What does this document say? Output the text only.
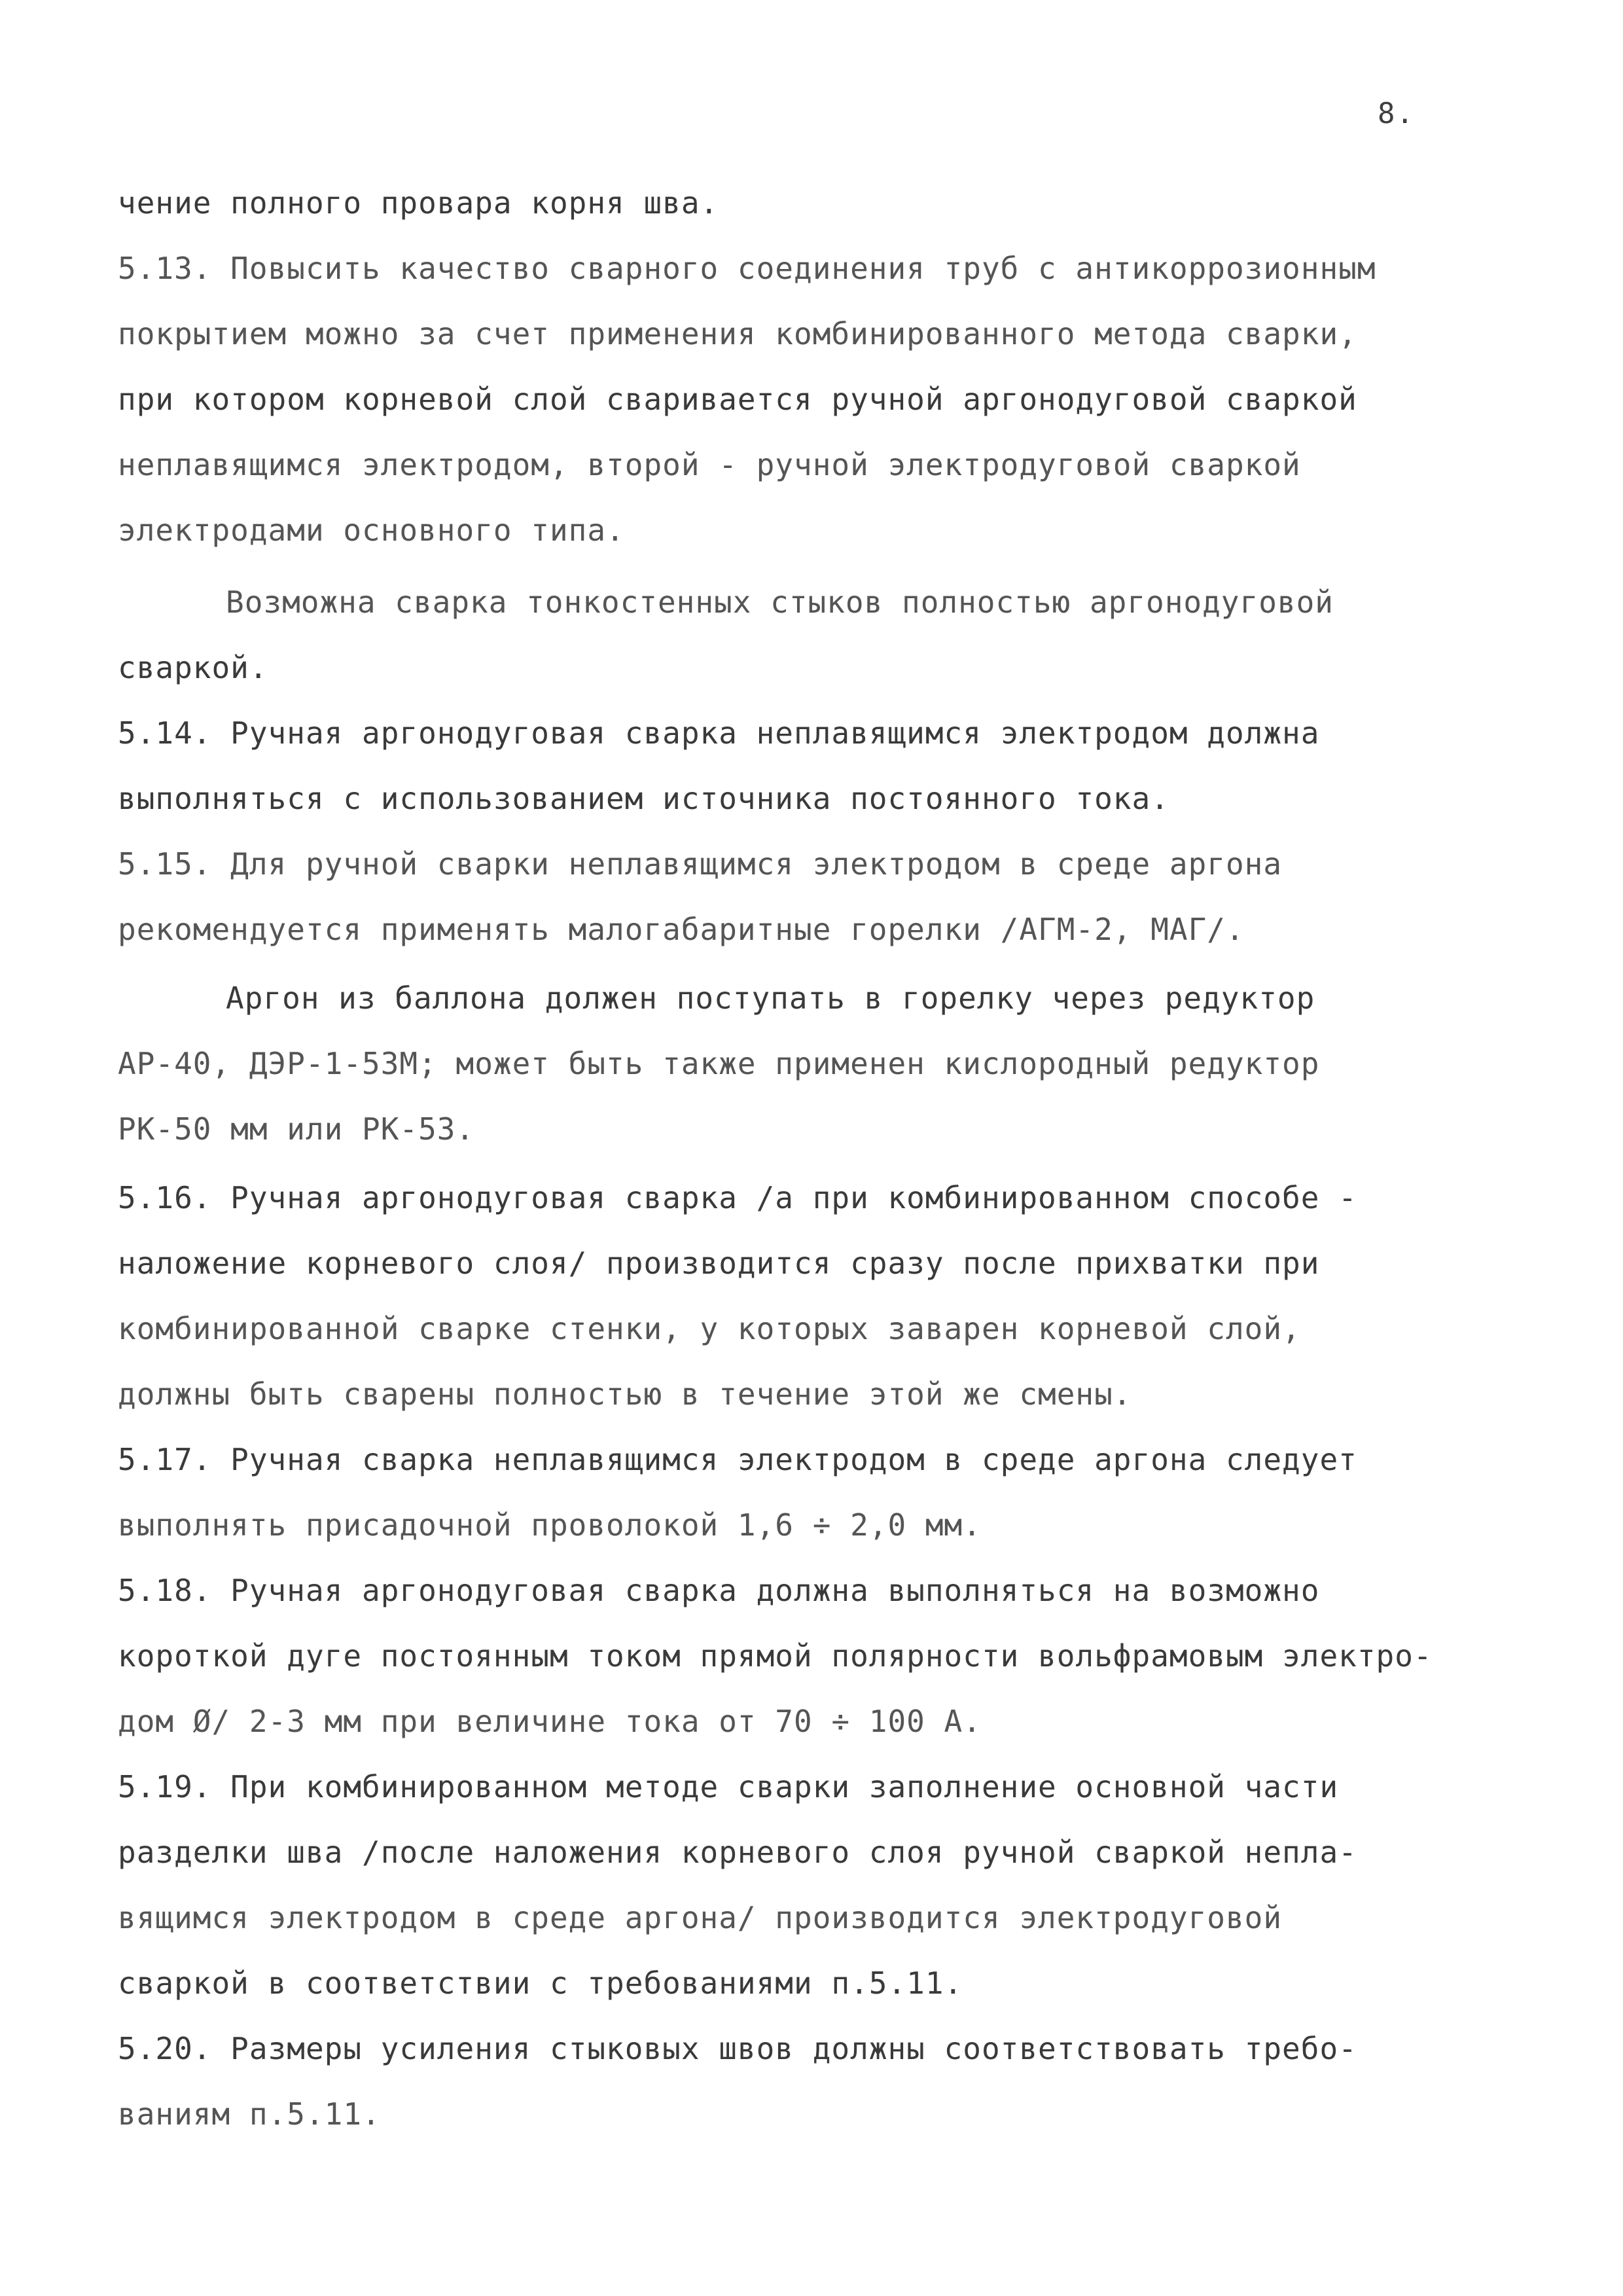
8.
чение полного провара корня шва.
5.13. Повысить качество сварного соединения труб с антикоррозионным
покрытием можно за счет применения комбинированного метода сварки,
при котором корневой слой сваривается ручной аргонодуговой сваркой
неплавящимся электродом, второй - ручной электродуговой сваркой
электродами основного типа.
Возможна сварка тонкостенных стыков полностью аргонодуговой
сваркой.
5.14. Ручная аргонодуговая сварка неплавящимся электродом должна
выполняться с использованием источника постоянного тока.
5.15. Для ручной сварки неплавящимся электродом в среде аргона
рекомендуется применять малогабаритные горелки /АГМ-2, МАГ/.
Аргон из баллона должен поступать в горелку через редуктор
АР-40, ДЭР-1-53М; может быть также применен кислородный редуктор
РК-50 мм или РК-53.
5.16. Ручная аргонодуговая сварка /а при комбинированном способе -
наложение корневого слоя/ производится сразу после прихватки при
комбинированной сварке стенки, у которых заварен корневой слой,
должны быть сварены полностью в течение этой же смены.
5.17. Ручная сварка неплавящимся электродом в среде аргона следует
выполнять присадочной проволокой 1,6 ÷ 2,0 мм.
5.18. Ручная аргонодуговая сварка должна выполняться на возможно
короткой дуге постоянным током прямой полярности вольфрамовым электро-
дом Ø/ 2-3 мм при величине тока от 70 ÷ 100 А.
5.19. При комбинированном методе сварки заполнение основной части
разделки шва /после наложения корневого слоя ручной сваркой непла-
вящимся электродом в среде аргона/ производится электродуговой
сваркой в соответствии с требованиями п.5.11.
5.20. Размеры усиления стыковых швов должны соответствовать требо-
ваниям п.5.11.
